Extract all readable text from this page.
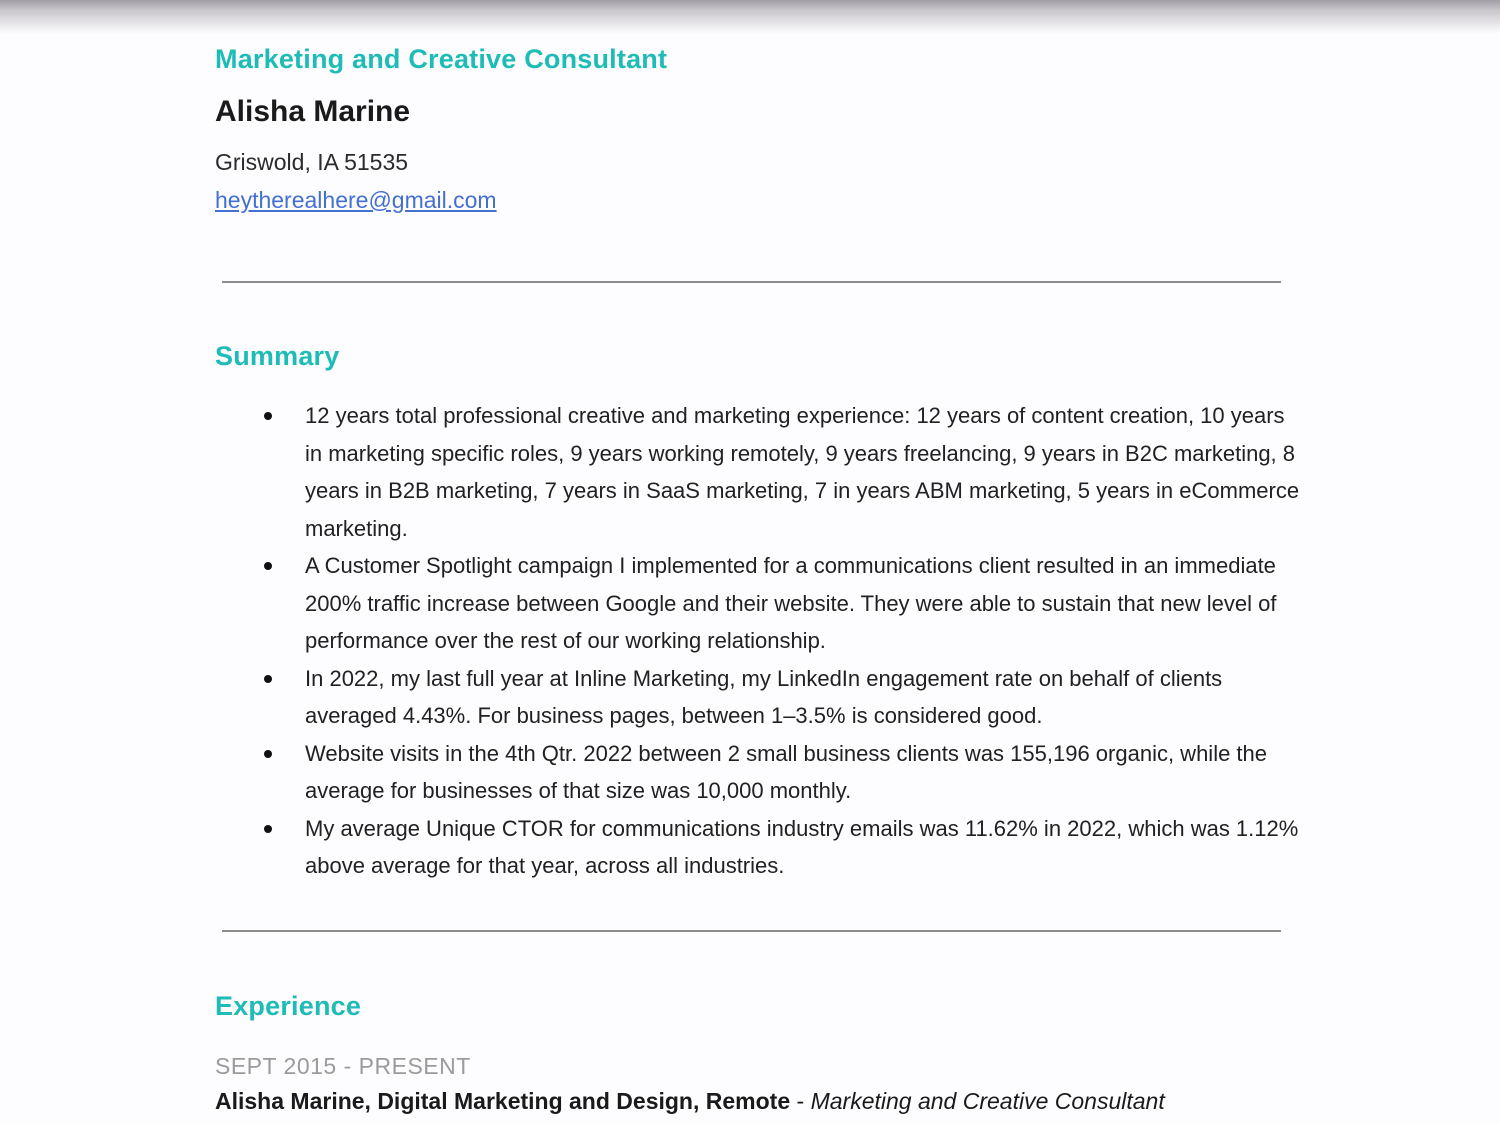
Marketing and Creative Consultant
Alisha Marine
Griswold, IA 51535
heytherealhere@gmail.com
Summary
12 years total professional creative and marketing experience: 12 years of content creation, 10 years in marketing specific roles, 9 years working remotely, 9 years freelancing, 9 years in B2C marketing, 8 years in B2B marketing, 7 years in SaaS marketing, 7 in years ABM marketing, 5 years in eCommerce marketing.
A Customer Spotlight campaign I implemented for a communications client resulted in an immediate 200% traffic increase between Google and their website. They were able to sustain that new level of performance over the rest of our working relationship.
In 2022, my last full year at Inline Marketing, my LinkedIn engagement rate on behalf of clients averaged 4.43%. For business pages, between 1–3.5% is considered good.
Website visits in the 4th Qtr. 2022 between 2 small business clients was 155,196 organic, while the average for businesses of that size was 10,000 monthly.
My average Unique CTOR for communications industry emails was 11.62% in 2022, which was 1.12% above average for that year, across all industries.
Experience
SEPT 2015 - PRESENT
Alisha Marine, Digital Marketing and Design, Remote - Marketing and Creative Consultant
